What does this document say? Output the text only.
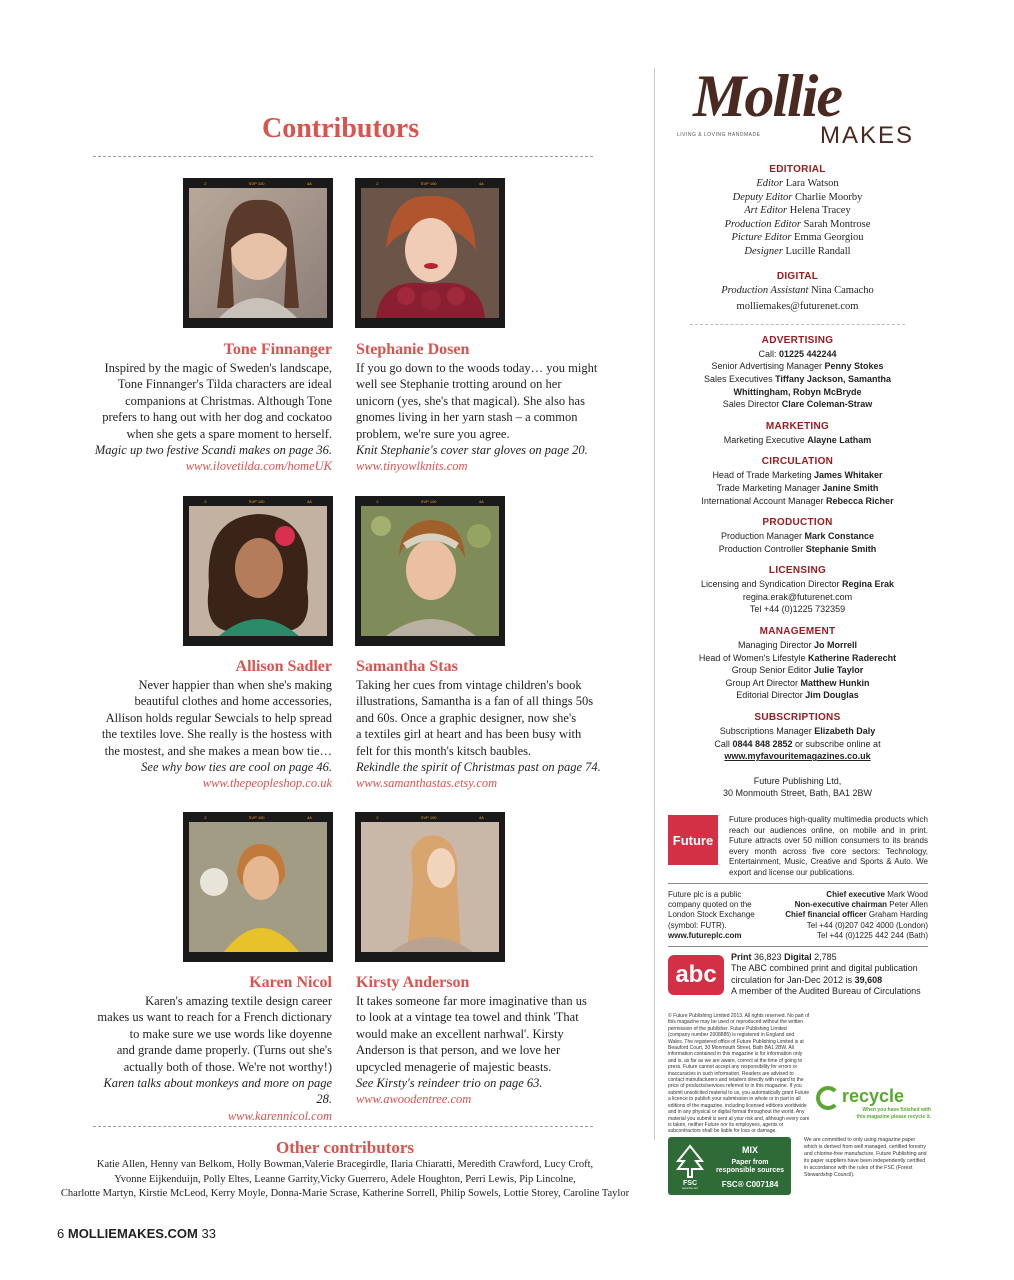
Contributors
2	SVP 100	4A	2	SVP 100	4A
Tone Finnanger Stephanie Dosen
Inspired by the magic of Sweden's landscape,
Tone Finnanger's Tilda characters are ideal
companions at Christmas. Although Tone
prefers to hang out with her dog and cockatoo
when she gets a spare moment to herself.
Magic up two festive Scandi makes on page 36.
www.ilovetilda.com/homeUK
If you go down to the woods today… you might
well see Stephanie trotting around on her
unicorn (yes, she's that magical). She also has
gnomes living in her yarn stash – a common
problem, we're sure you agree.
Knit Stephanie's cover star gloves on page 20.
www.tinyowlknits.com
2	SVP 100	4A	2	SVP 100	4A
Allison Sadler Samantha Stas
Never happier than when she's making
beautiful clothes and home accessories,
Allison holds regular Sewcials to help spread
the textiles love. She really is the hostess with
the mostest, and she makes a mean bow tie…
See why bow ties are cool on page 46.
www.thepeopleshop.co.uk
Taking her cues from vintage children's book
illustrations, Samantha is a fan of all things 50s
and 60s. Once a graphic designer, now she's
a textiles girl at heart and has been busy with
felt for this month's kitsch baubles.
Rekindle the spirit of Christmas past on page 74.
www.samanthastas.etsy.com
2	SVP 100	4A	2	SVP 100	4A
Karen Nicol Kirsty Anderson
Karen's amazing textile design career
makes us want to reach for a French dictionary
to make sure we use words like doyenne
and grande dame properly. (Turns out she's
actually both of those. We're not worthy!)
Karen talks about monkeys and more on page 28.
www.karennicol.com
It takes someone far more imaginative than us
to look at a vintage tea towel and think 'That
would make an excellent narhwal'. Kirsty
Anderson is that person, and we love her
upcycled menagerie of majestic beasts.
See Kirsty's reindeer trio on page 63.
www.awoodentree.com
Other contributors
Katie Allen, Henny van Belkom, Holly Bowman,Valerie Bracegirdle, Ilaria Chiaratti, Meredith Crawford, Lucy Croft,
Yvonne Eijkenduijn, Polly Eltes, Leanne Garrity,Vicky Guerrero, Adele Houghton, Perri Lewis, Pip Lincolne,
Charlotte Martyn, Kirstie McLeod, Kerry Moyle, Donna-Marie Scrase, Katherine Sorrell, Philip Sowels, Lottie Storey, Caroline Taylor
6 MOLLIEMAKES.COM 33
Mollie
MAKES
LIVING & LOVING HANDMADE
EDITORIAL
Editor Lara Watson
Deputy Editor Charlie Moorby
Art Editor Helena Tracey
Production Editor Sarah Montrose
Picture Editor Emma Georgiou
Designer Lucille Randall
DIGITAL
Production Assistant Nina Camacho
molliemakes@futurenet.com
ADVERTISING
Call: 01225 442244
Senior Advertising Manager Penny Stokes
Sales Executives Tiffany Jackson, Samantha
Whittingham, Robyn McBryde
Sales Director Clare Coleman-Straw
MARKETING
Marketing Executive Alayne Latham
CIRCULATION
Head of Trade Marketing James Whitaker
Trade Marketing Manager Janine Smith
International Account Manager Rebecca Richer
PRODUCTION
Production Manager Mark Constance
Production Controller Stephanie Smith
LICENSING
Licensing and Syndication Director Regina Erak
regina.erak@futurenet.com
Tel +44 (0)1225 732359
MANAGEMENT
Managing Director Jo Morrell
Head of Women's Lifestyle Katherine Raderecht
Group Senior Editor Julie Taylor
Group Art Director Matthew Hunkin
Editorial Director Jim Douglas
SUBSCRIPTIONS
Subscriptions Manager Elizabeth Daly
Call 0844 848 2852 or subscribe online at
www.myfavouritemagazines.co.uk
Future Publishing Ltd,
30 Monmouth Street, Bath, BA1 2BW
Future
Future produces high-quality multimedia products which reach our audiences online, on mobile and in print. Future attracts over 50 million consumers to its brands every month across five core sectors: Technology, Entertainment, Music, Creative and Sports & Auto. We export and license our publications.
Future plc is a public
company quoted on the
London Stock Exchange
(symbol: FUTR).
www.futureplc.com
Chief executive Mark Wood
Non-executive chairman Peter Allen
Chief financial officer Graham Harding
Tel +44 (0)207 042 4000 (London)
Tel +44 (0)1225 442 244 (Bath)
abc
Print 36,823 Digital 2,785
The ABC combined print and digital publication
circulation for Jan-Dec 2012 is 39,608
A member of the Audited Bureau of Circulations
© Future Publishing Limited 2013. All rights reserved. No part of this magazine may be used or reproduced without the written permission of the publisher. Future Publishing Limited (company number 2008885) is registered in England and Wales. The registered office of Future Publishing Limited is at Beauford Court, 30 Monmouth Street, Bath BA1 2BW. All information contained in this magazine is for information only and is, as far as we are aware, correct at the time of going to press. Future cannot accept any responsibility for errors or inaccuracies in such information. Readers are advised to contact manufacturers and retailers directly with regard to the price of products/services referred to in this magazine. If you submit unsolicited material to us, you automatically grant Future a licence to publish your submission in whole or in part in all editions of the magazine, including licensed editions worldwide and in any physical or digital format throughout the world. Any material you submit is sent at your risk and, although every care is taken, neither Future nor its employees, agents or subcontractors shall be liable for loss or damage.
recycle
When you have finished with
this magazine please recycle it.
FSC
www.fsc.org
MIX
Paper from responsible sources
FSC® C007184
We are committed to only using magazine paper which is derived from well managed, certified forestry and chlorine-free manufacture. Future Publishing and its paper suppliers have been independently certified in accordance with the rules of the FSC (Forest Stewardship Council).
